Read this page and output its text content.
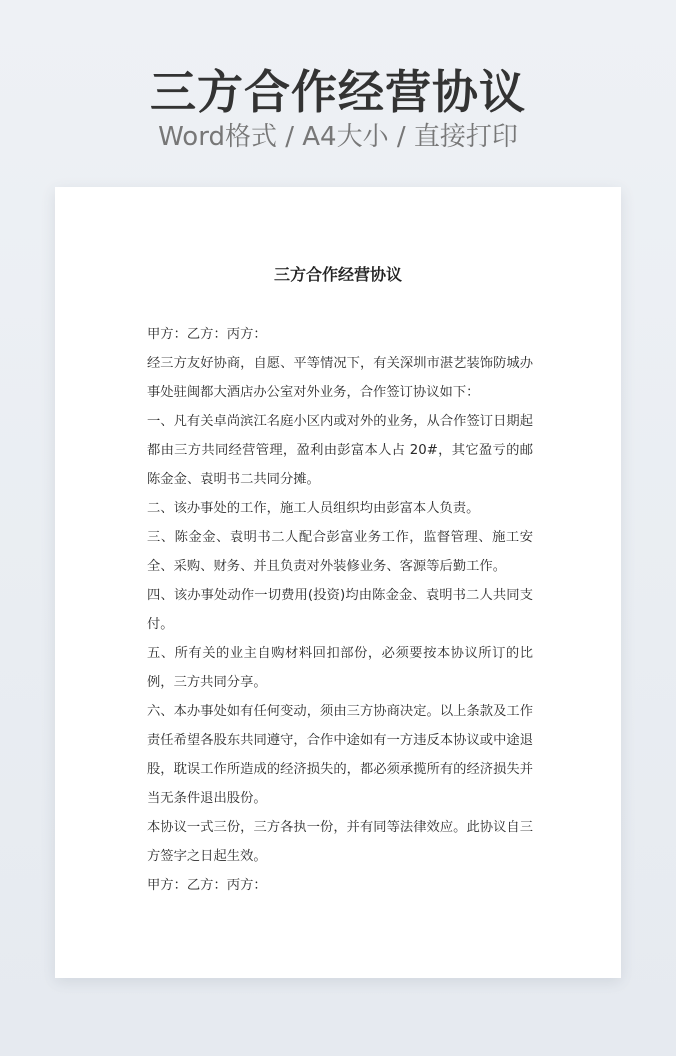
三方合作经营协议

Word格式 / A4大小 / 直接打印

三方合作经营协议
甲方：乙方：丙方：
经三方友好协商，自愿、平等情况下，有关深圳市湛艺装饰防城办事处驻闽都大酒店办公室对外业务，合作签订协议如下：
一、凡有关卓尚滨江名庭小区内或对外的业务，从合作签订日期起都由三方共同经营管理，盈利由彭富本人占 20#，其它盈亏的邮陈金金、袁明书二共同分摊。
二、该办事处的工作，施工人员组织均由彭富本人负责。
三、陈金金、袁明书二人配合彭富业务工作，监督管理、施工安全、采购、财务、并且负责对外装修业务、客源等后勤工作。
四、该办事处动作一切费用(投资)均由陈金金、袁明书二人共同支付。
五、所有关的业主自购材料回扣部份，必须要按本协议所订的比例，三方共同分享。
六、本办事处如有任何变动，须由三方协商决定。以上条款及工作责任希望各股东共同遵守，合作中途如有一方违反本协议或中途退股，耽误工作所造成的经济损失的，都必须承揽所有的经济损失并当无条件退出股份。
本协议一式三份，三方各执一份，并有同等法律效应。此协议自三方签字之日起生效。
甲方：乙方：丙方：
